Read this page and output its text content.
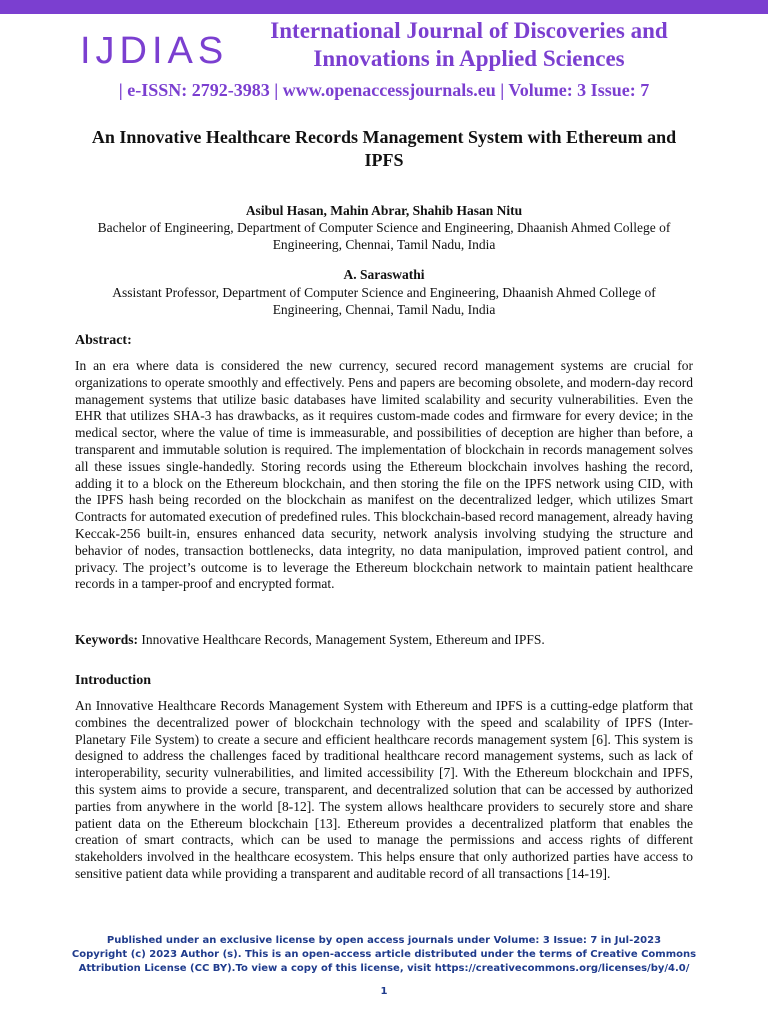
IJDIAS	International Journal of Discoveries and Innovations in Applied Sciences
| e-ISSN: 2792-3983 | www.openaccessjournals.eu | Volume: 3 Issue: 7
An Innovative Healthcare Records Management System with Ethereum and IPFS
Asibul Hasan, Mahin Abrar, Shahib Hasan Nitu
Bachelor of Engineering, Department of Computer Science and Engineering, Dhaanish Ahmed College of Engineering, Chennai, Tamil Nadu, India
A. Saraswathi
Assistant Professor, Department of Computer Science and Engineering, Dhaanish Ahmed College of Engineering, Chennai, Tamil Nadu, India
Abstract:
In an era where data is considered the new currency, secured record management systems are crucial for organizations to operate smoothly and effectively. Pens and papers are becoming obsolete, and modern-day record management systems that utilize basic databases have limited scalability and security vulnerabilities. Even the EHR that utilizes SHA-3 has drawbacks, as it requires custom-made codes and firmware for every device; in the medical sector, where the value of time is immeasurable, and possibilities of deception are higher than before, a transparent and immutable solution is required. The implementation of blockchain in records management solves all these issues single-handedly. Storing records using the Ethereum blockchain involves hashing the record, adding it to a block on the Ethereum blockchain, and then storing the file on the IPFS network using CID, with the IPFS hash being recorded on the blockchain as manifest on the decentralized ledger, which utilizes Smart Contracts for automated execution of predefined rules. This blockchain-based record management, already having Keccak-256 built-in, ensures enhanced data security, network analysis involving studying the structure and behavior of nodes, transaction bottlenecks, data integrity, no data manipulation, improved patient control, and privacy. The project’s outcome is to leverage the Ethereum blockchain network to maintain patient healthcare records in a tamper-proof and encrypted format.
Keywords: Innovative Healthcare Records, Management System, Ethereum and IPFS.
Introduction
An Innovative Healthcare Records Management System with Ethereum and IPFS is a cutting-edge platform that combines the decentralized power of blockchain technology with the speed and scalability of IPFS (Inter-Planetary File System) to create a secure and efficient healthcare records management system [6]. This system is designed to address the challenges faced by traditional healthcare record management systems, such as lack of interoperability, security vulnerabilities, and limited accessibility [7]. With the Ethereum blockchain and IPFS, this system aims to provide a secure, transparent, and decentralized solution that can be accessed by authorized parties from anywhere in the world [8-12]. The system allows healthcare providers to securely store and share patient data on the Ethereum blockchain [13]. Ethereum provides a decentralized platform that enables the creation of smart contracts, which can be used to manage the permissions and access rights of different stakeholders involved in the healthcare ecosystem. This helps ensure that only authorized parties have access to sensitive patient data while providing a transparent and auditable record of all transactions [14-19].
Published under an exclusive license by open access journals under Volume: 3 Issue: 7 in Jul-2023
Copyright (c) 2023 Author (s). This is an open-access article distributed under the terms of Creative Commons
Attribution License (CC BY).To view a copy of this license, visit https://creativecommons.org/licenses/by/4.0/
1
